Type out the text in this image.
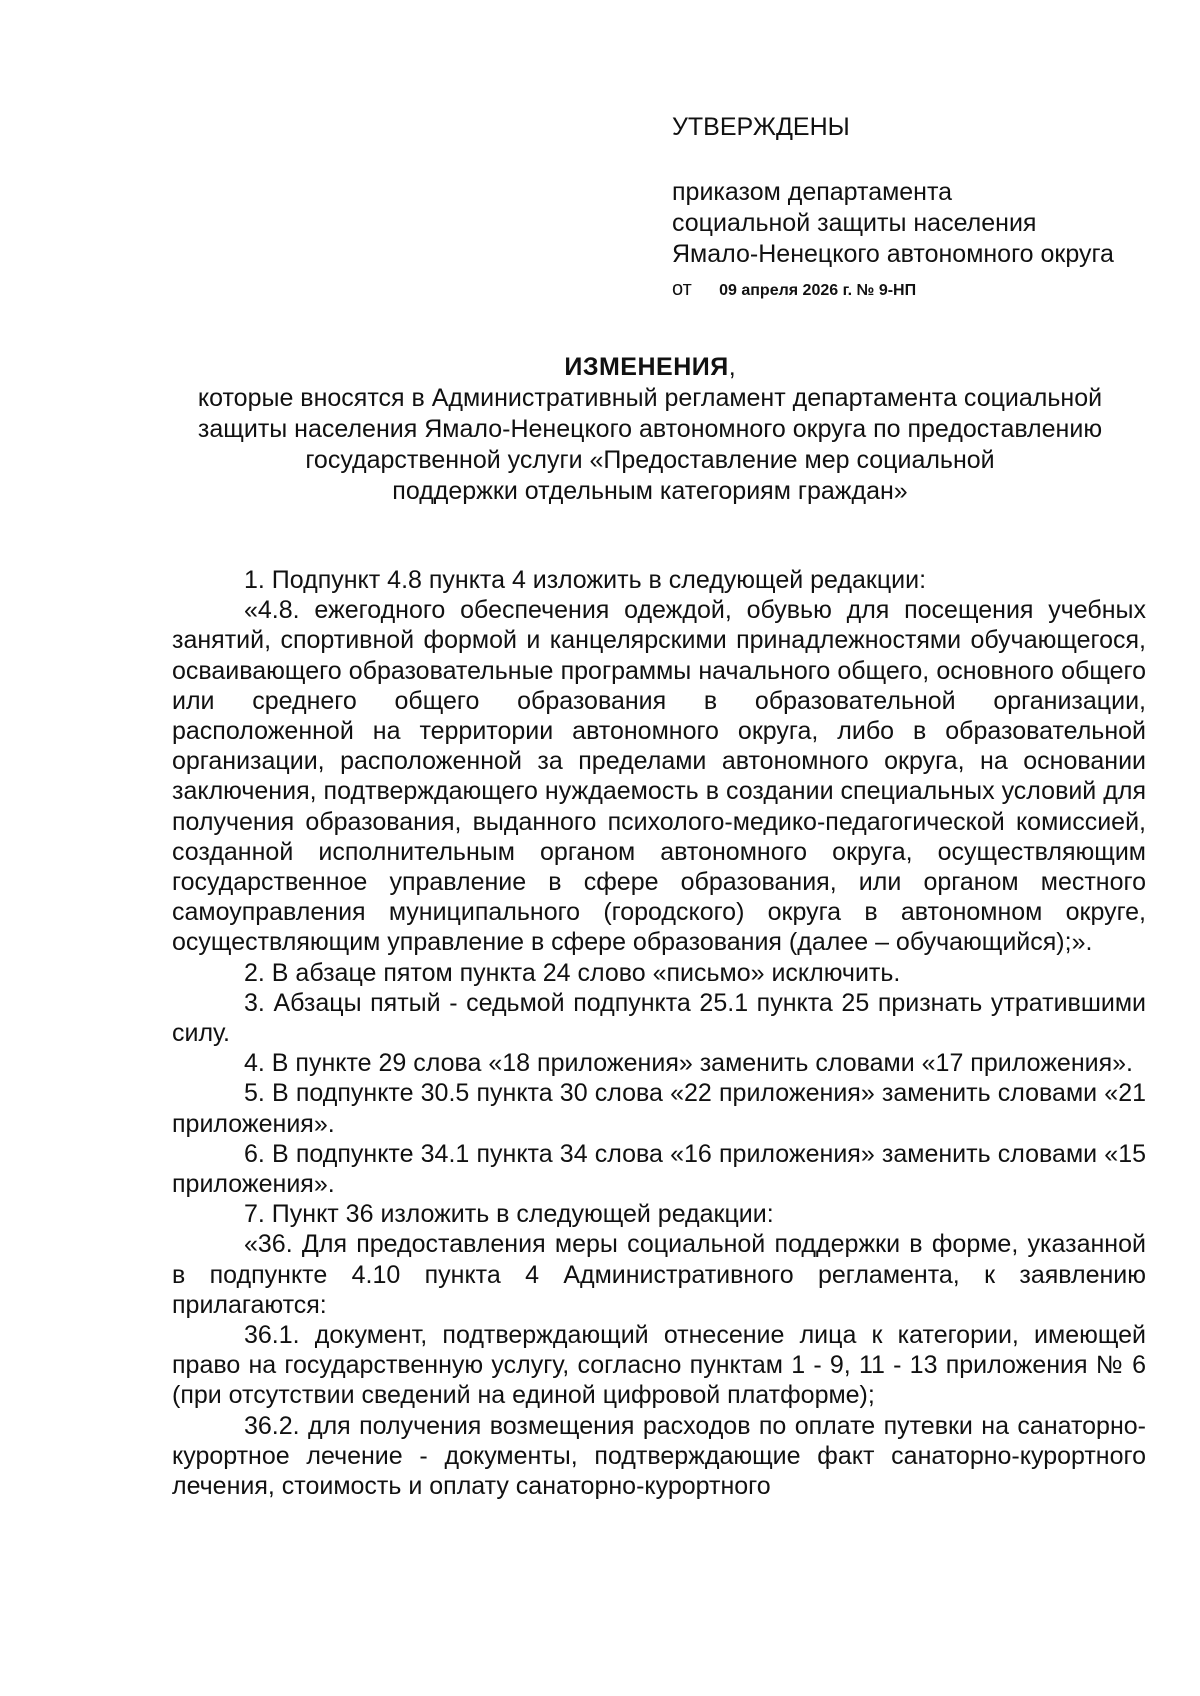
УТВЕРЖДЕНЫ
приказом департамента
социальной защиты населения
Ямало-Ненецкого автономного округа
от 09 апреля 2026 г. № 9-НП
ИЗМЕНЕНИЯ,
которые вносятся в Административный регламент департамента социальной
защиты населения Ямало-Ненецкого автономного округа по предоставлению
государственной услуги «Предоставление мер социальной
поддержки отдельным категориям граждан»

1. Подпункт 4.8 пункта 4 изложить в следующей редакции:

«4.8. ежегодного обеспечения одеждой, обувью для посещения учебных занятий, спортивной формой и канцелярскими принадлежностями обучающегося, осваивающего образовательные программы начального общего, основного общего или среднего общего образования в образовательной организации, расположенной на территории автономного округа, либо в образовательной организации, расположенной за пределами автономного округа, на основании заключения, подтверждающего нуждаемость в создании специальных условий для получения образования, выданного психолого-медико-педагогической комиссией, созданной исполнительным органом автономного округа, осуществляющим государственное управление в сфере образования, или органом местного самоуправления муниципального (городского) округа в автономном округе, осуществляющим управление в сфере образования (далее – обучающийся);».

2. В абзаце пятом пункта 24 слово «письмо» исключить.

3. Абзацы пятый - седьмой подпункта 25.1 пункта 25 признать утратившими силу.

4. В пункте 29 слова «18 приложения» заменить словами «17 приложения».

5. В подпункте 30.5 пункта 30 слова «22 приложения» заменить словами «21 приложения».

6. В подпункте 34.1 пункта 34 слова «16 приложения» заменить словами «15 приложения».

7. Пункт 36 изложить в следующей редакции:

«36. Для предоставления меры социальной поддержки в форме, указанной в подпункте 4.10 пункта 4 Административного регламента, к заявлению прилагаются:

36.1. документ, подтверждающий отнесение лица к категории, имеющей право на государственную услугу, согласно пунктам 1 - 9, 11 - 13 приложения № 6 (при отсутствии сведений на единой цифровой платформе);

36.2. для получения возмещения расходов по оплате путевки на санаторно-курортное лечение - документы, подтверждающие факт санаторно-курортного лечения, стоимость и оплату санаторно-курортного
